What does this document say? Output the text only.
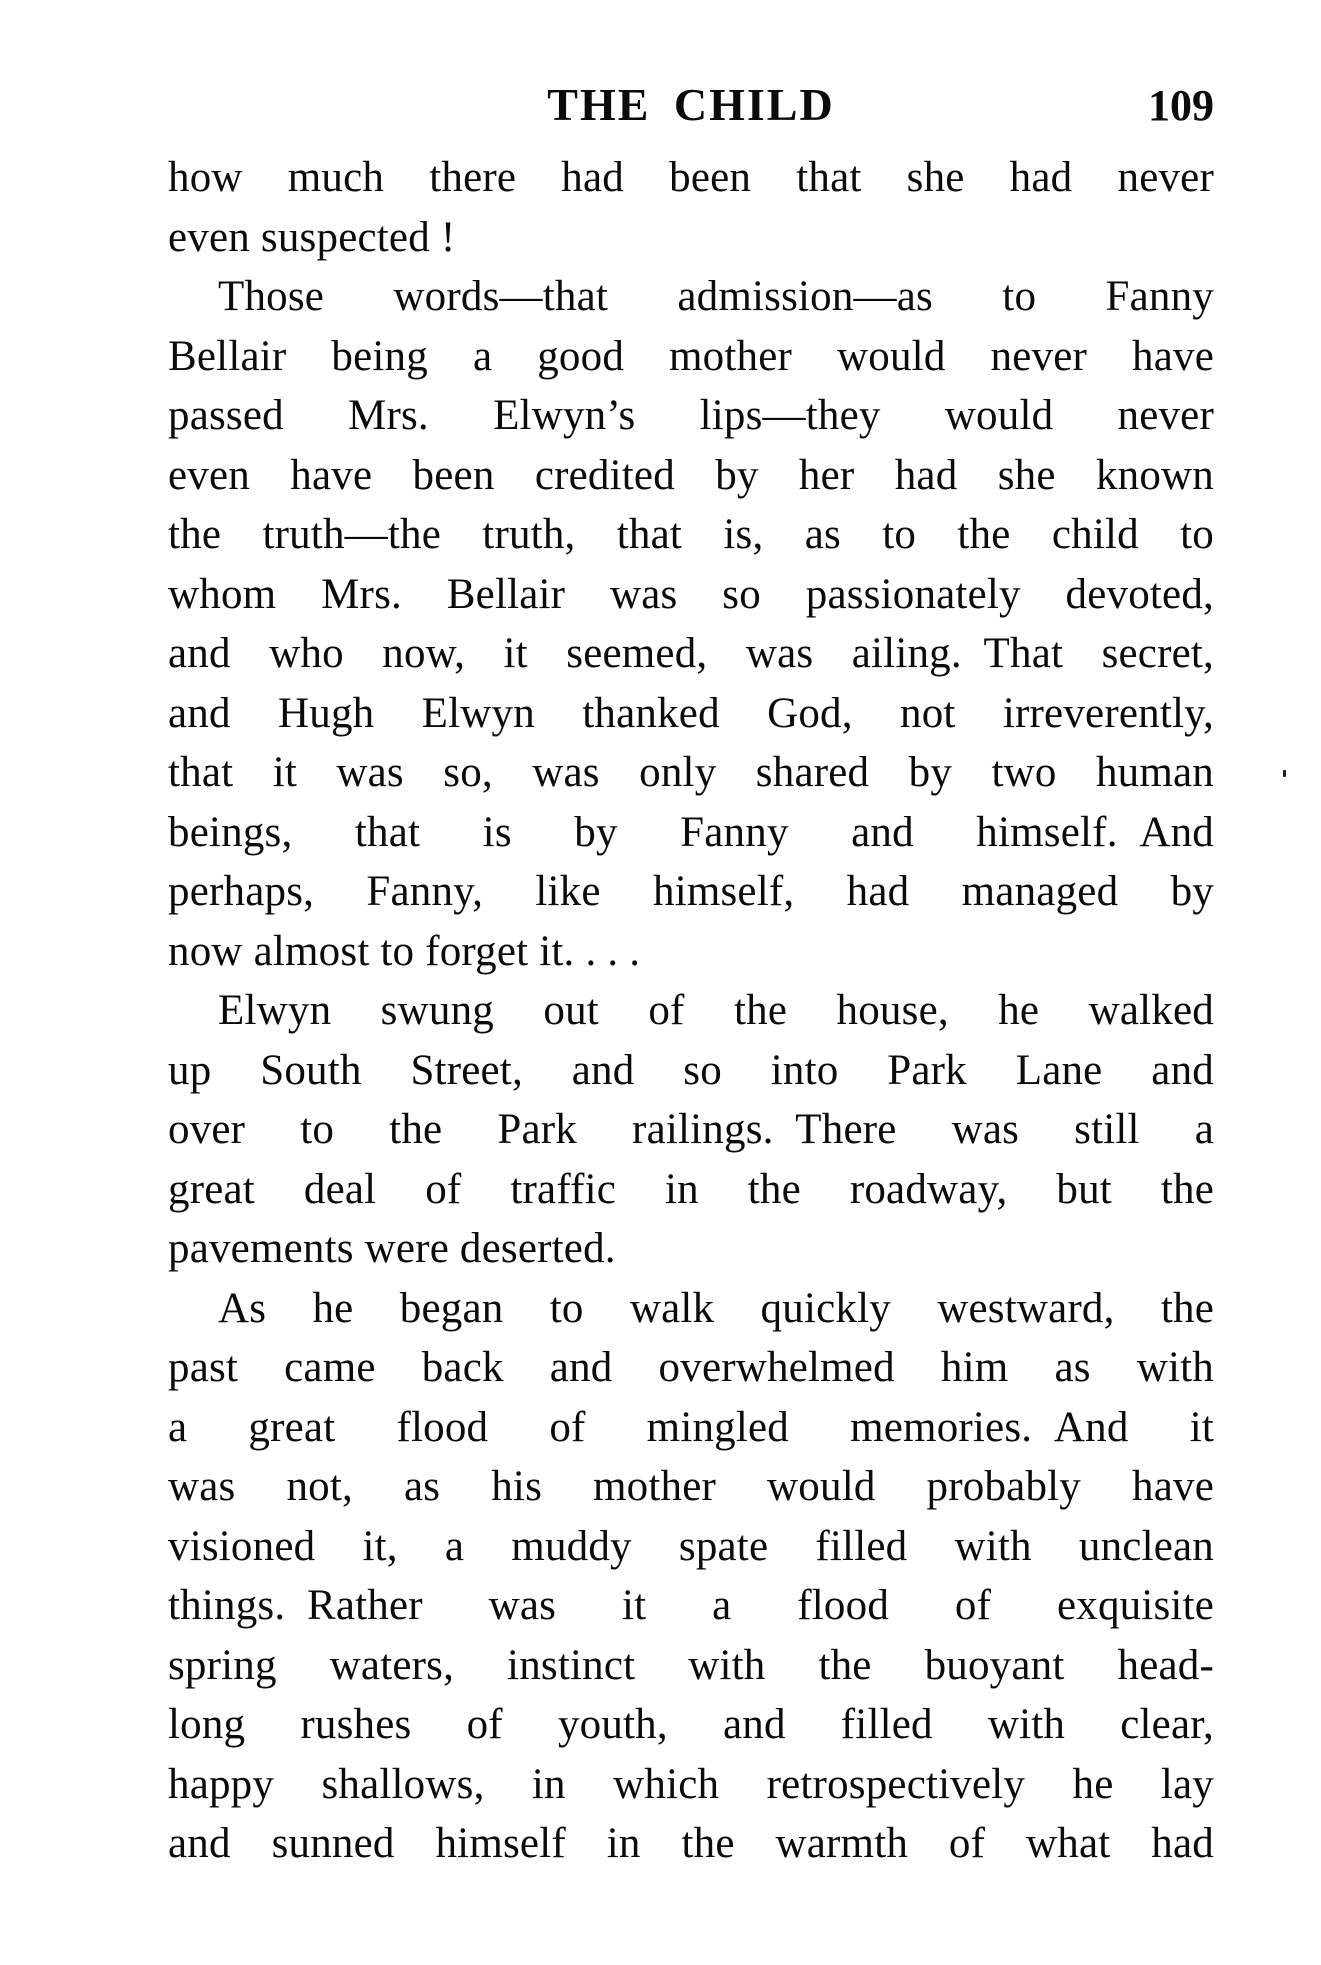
THE CHILD	109
how much there had been that she had never
even suspected !
Those words—that admission—as to Fanny
Bellair being a good mother would never have
passed Mrs. Elwyn’s lips—they would never
even have been credited by her had she known
the truth—the truth, that is, as to the child to
whom Mrs. Bellair was so passionately devoted,
and who now, it seemed, was ailing. That secret,
and Hugh Elwyn thanked God, not irreverently,
that it was so, was only shared by two human
beings, that is by Fanny and himself. And
perhaps, Fanny, like himself, had managed by
now almost to forget it. . . .
Elwyn swung out of the house, he walked
up South Street, and so into Park Lane and
over to the Park railings. There was still a
great deal of traffic in the roadway, but the
pavements were deserted.
As he began to walk quickly westward, the
past came back and overwhelmed him as with
a great flood of mingled memories. And it
was not, as his mother would probably have
visioned it, a muddy spate filled with unclean
things. Rather was it a flood of exquisite
spring waters, instinct with the buoyant head-
long rushes of youth, and filled with clear,
happy shallows, in which retrospectively he lay
and sunned himself in the warmth of what had
